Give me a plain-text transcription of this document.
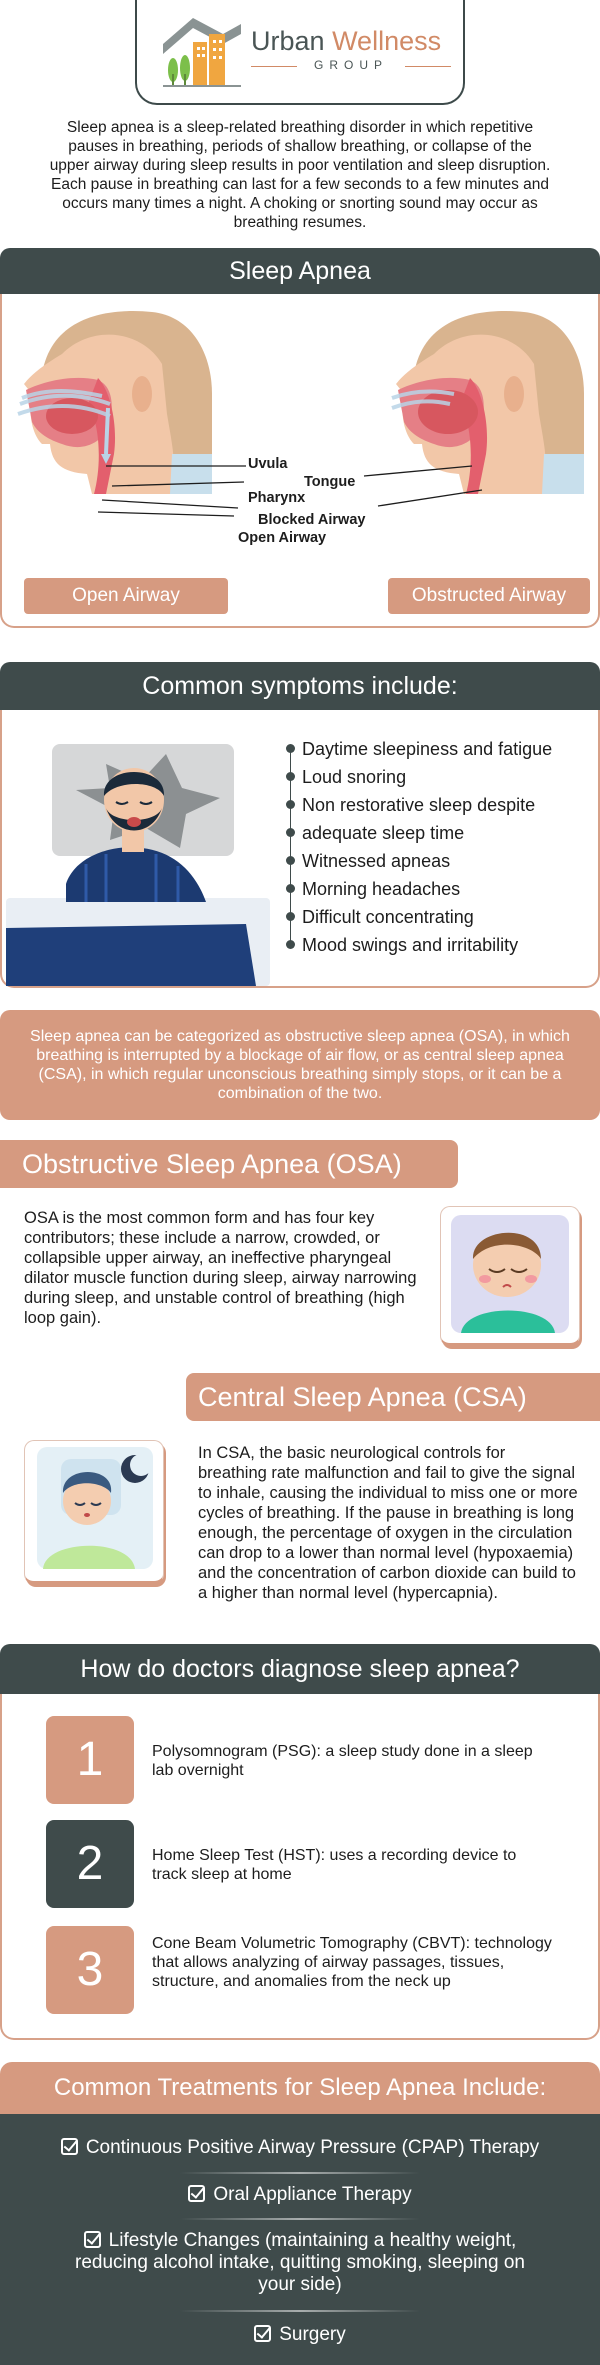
Urban Wellness
GROUP

Sleep apnea is a sleep-related breathing disorder in which repetitive pauses in breathing, periods of shallow breathing, or collapse of the upper airway during sleep results in poor ventilation and sleep disruption. Each pause in breathing can last for a few seconds to a few minutes and occurs many times a night. A choking or snorting sound may occur as breathing resumes.

Sleep Apnea
Uvula
Tongue
Pharynx
Blocked Airway
Open Airway
Open Airway	Obstructed Airway
Common symptoms include:
Daytime sleepiness and fatigue
Loud snoring
Non restorative sleep despite
adequate sleep time
Witnessed apneas
Morning headaches
Difficult concentrating
Mood swings and irritability
Sleep apnea can be categorized as obstructive sleep apnea (OSA), in which breathing is interrupted by a blockage of air flow, or as central sleep apnea (CSA), in which regular unconscious breathing simply stops, or it can be a combination of the two.
Obstructive Sleep Apnea (OSA)

OSA is the most common form and has four key contributors; these include a narrow, crowded, or collapsible upper airway, an ineffective pharyngeal dilator muscle function during sleep, airway narrowing during sleep, and unstable control of breathing (high loop gain).

Central Sleep Apnea (CSA)

In CSA, the basic neurological controls for breathing rate malfunction and fail to give the signal to inhale, causing the individual to miss one or more cycles of breathing. If the pause in breathing is long enough, the percentage of oxygen in the circulation can drop to a lower than normal level (hypoxaemia) and the concentration of carbon dioxide can build to a higher than normal level (hypercapnia).

How do doctors diagnose sleep apnea?
1	Polysomnogram (PSG): a sleep study done in a sleep lab overnight
2	Home Sleep Test (HST): uses a recording device to track sleep at home
3	Cone Beam Volumetric Tomography (CBVT): technology that allows analyzing of airway passages, tissues, structure, and anomalies from the neck up
Common Treatments for Sleep Apnea Include:
Continuous Positive Airway Pressure (CPAP) Therapy
Oral Appliance Therapy
Lifestyle Changes (maintaining a healthy weight, reducing alcohol intake, quitting smoking, sleeping on your side)
Surgery
